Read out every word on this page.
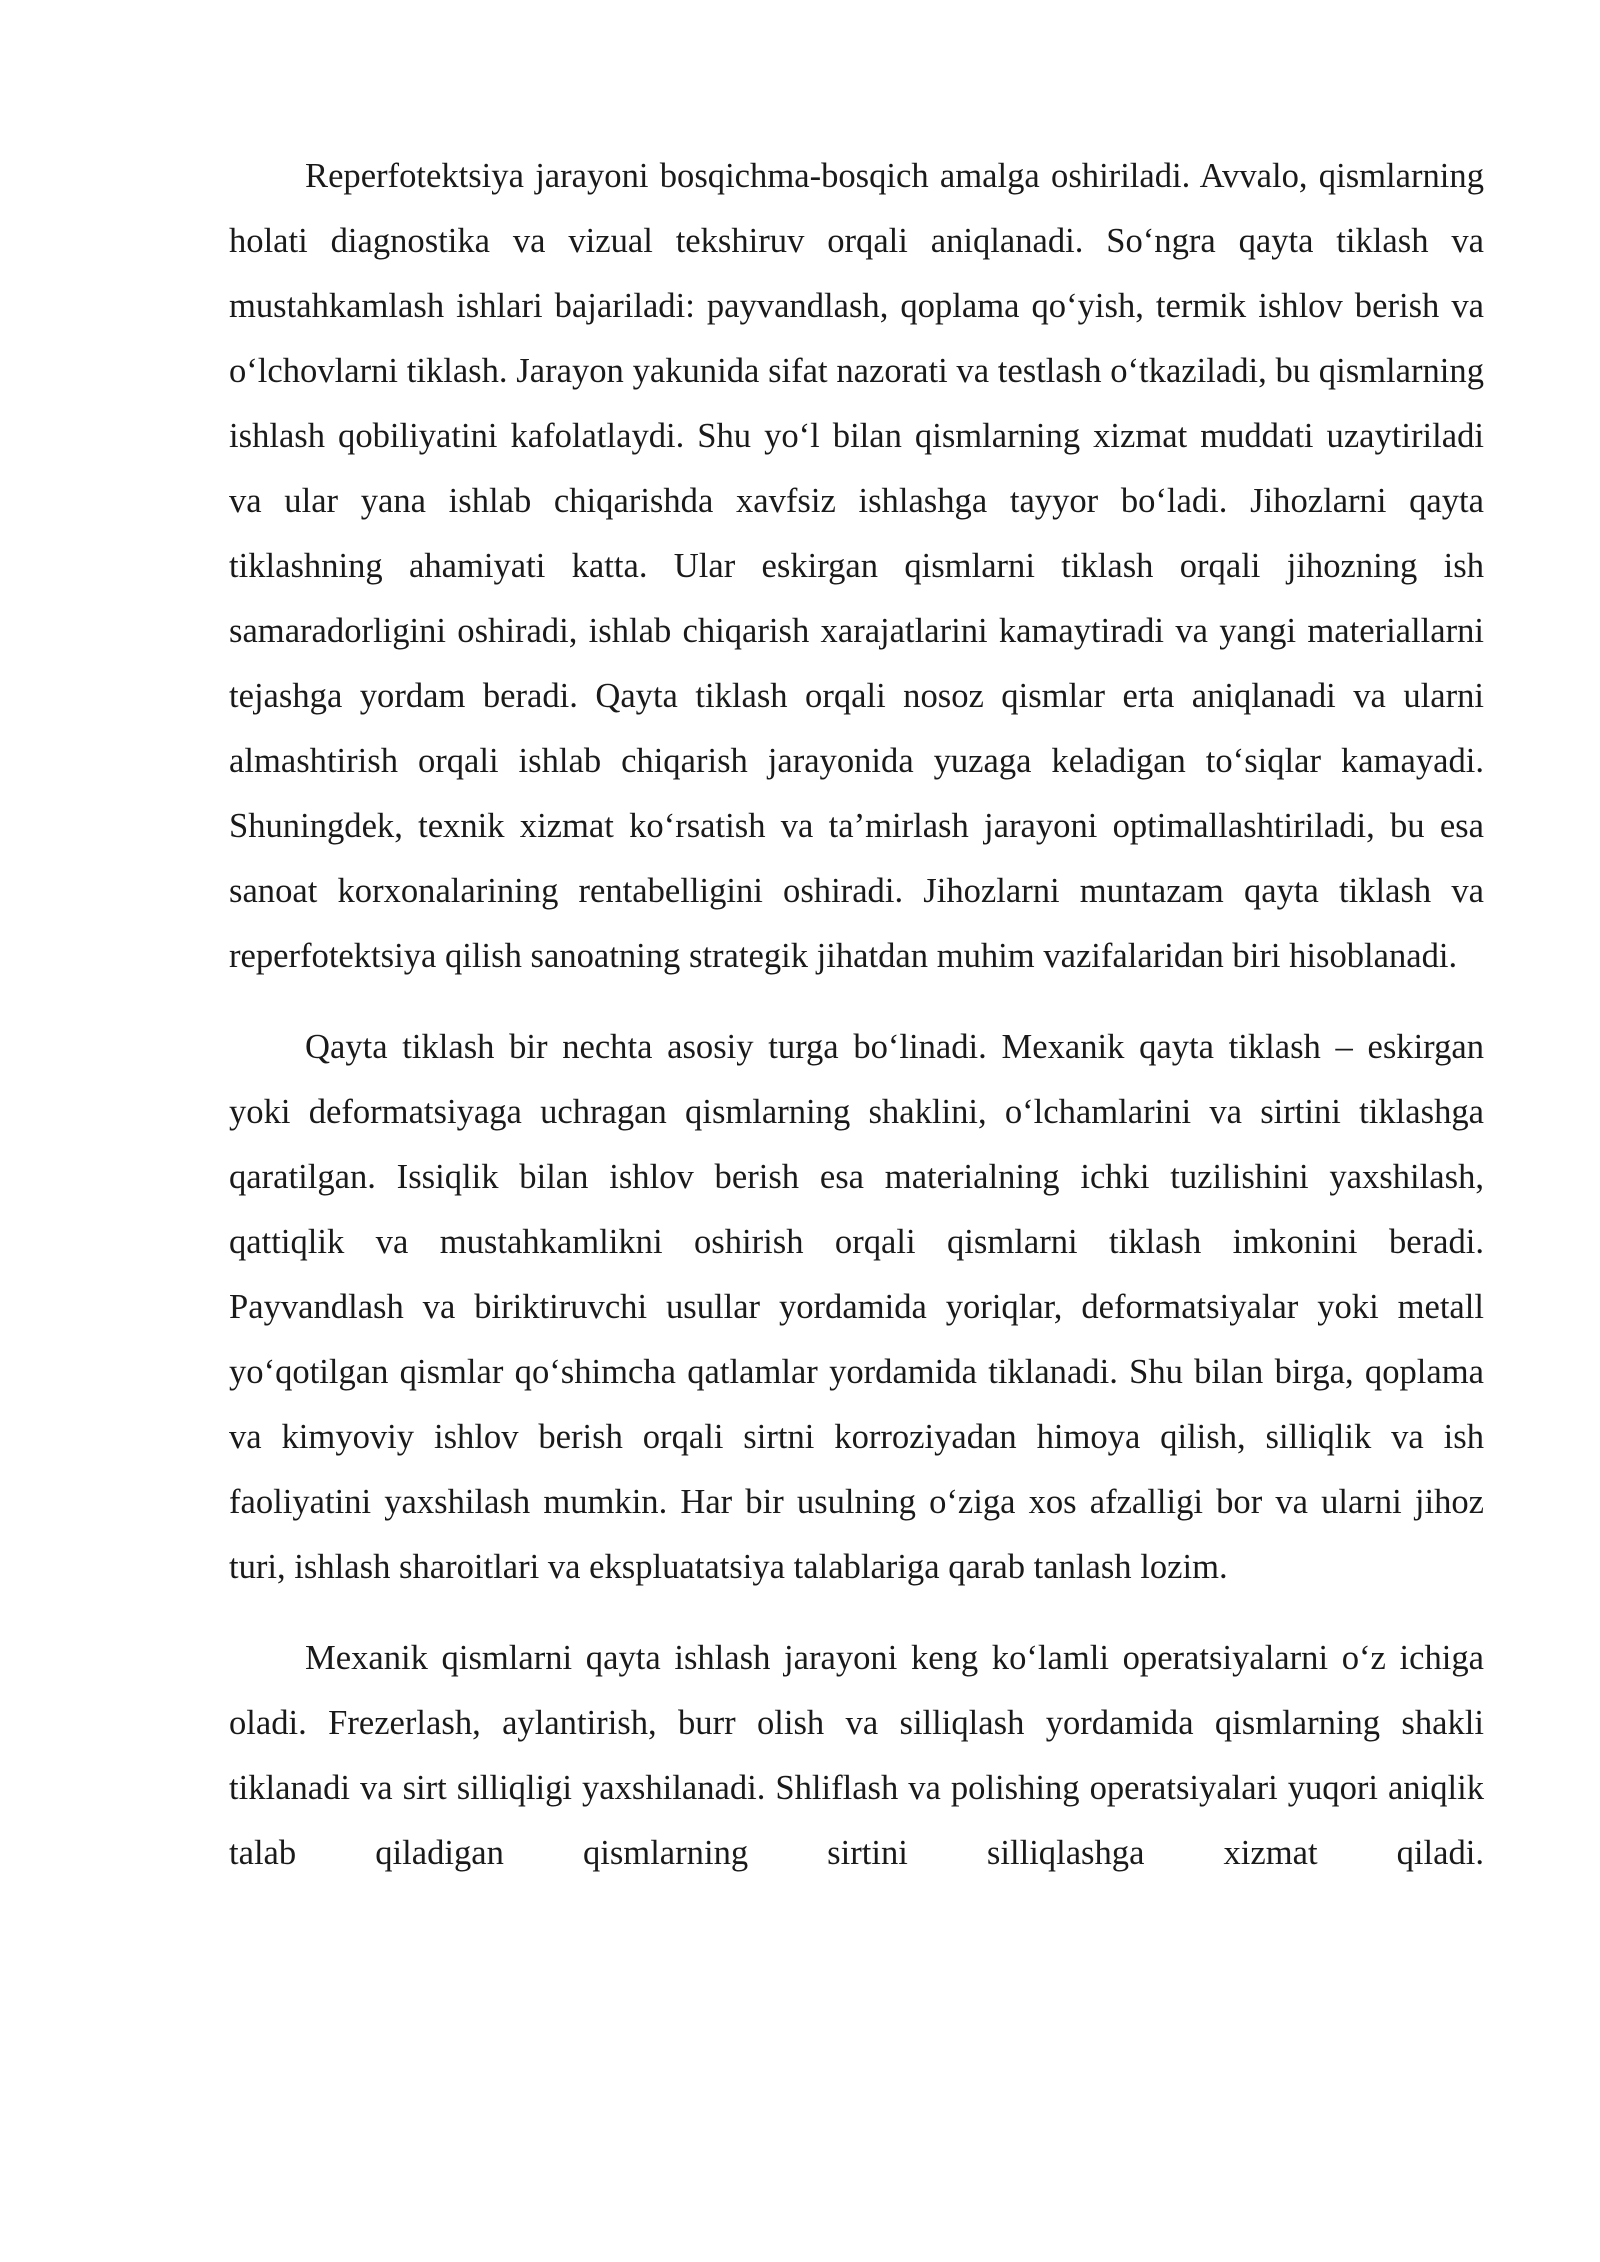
Reperfotektsiya jarayoni bosqichma-bosqich amalga oshiriladi. Avvalo, qismlarning holati diagnostika va vizual tekshiruv orqali aniqlanadi. So‘ngra qayta tiklash va mustahkamlash ishlari bajariladi: payvandlash, qoplama qo‘yish, termik ishlov berish va o‘lchovlarni tiklash. Jarayon yakunida sifat nazorati va testlash o‘tkaziladi, bu qismlarning ishlash qobiliyatini kafolatlaydi. Shu yo‘l bilan qismlarning xizmat muddati uzaytiriladi va ular yana ishlab chiqarishda xavfsiz ishlashga tayyor bo‘ladi. Jihozlarni qayta tiklashning ahamiyati katta. Ular eskirgan qismlarni tiklash orqali jihozning ish samaradorligini oshiradi, ishlab chiqarish xarajatlarini kamaytiradi va yangi materiallarni tejashga yordam beradi. Qayta tiklash orqali nosoz qismlar erta aniqlanadi va ularni almashtirish orqali ishlab chiqarish jarayonida yuzaga keladigan to‘siqlar kamayadi. Shuningdek, texnik xizmat ko‘rsatish va ta’mirlash jarayoni optimallashtiriladi, bu esa sanoat korxonalarining rentabelligini oshiradi. Jihozlarni muntazam qayta tiklash va reperfotektsiya qilish sanoatning strategik jihatdan muhim vazifalaridan biri hisoblanadi.

Qayta tiklash bir nechta asosiy turga bo‘linadi. Mexanik qayta tiklash – eskirgan yoki deformatsiyaga uchragan qismlarning shaklini, o‘lchamlarini va sirtini tiklashga qaratilgan. Issiqlik bilan ishlov berish esa materialning ichki tuzilishini yaxshilash, qattiqlik va mustahkamlikni oshirish orqali qismlarni tiklash imkonini beradi. Payvandlash va biriktiruvchi usullar yordamida yoriqlar, deformatsiyalar yoki metall yo‘qotilgan qismlar qo‘shimcha qatlamlar yordamida tiklanadi. Shu bilan birga, qoplama va kimyoviy ishlov berish orqali sirtni korroziyadan himoya qilish, silliqlik va ish faoliyatini yaxshilash mumkin. Har bir usulning o‘ziga xos afzalligi bor va ularni jihoz turi, ishlash sharoitlari va ekspluatatsiya talablariga qarab tanlash lozim.

Mexanik qismlarni qayta ishlash jarayoni keng ko‘lamli operatsiyalarni o‘z ichiga oladi. Frezerlash, aylantirish, burr olish va silliqlash yordamida qismlarning shakli tiklanadi va sirt silliqligi yaxshilanadi. Shliflash va polishing operatsiyalari yuqori aniqlik talab qiladigan qismlarning sirtini silliqlashga xizmat qiladi.
